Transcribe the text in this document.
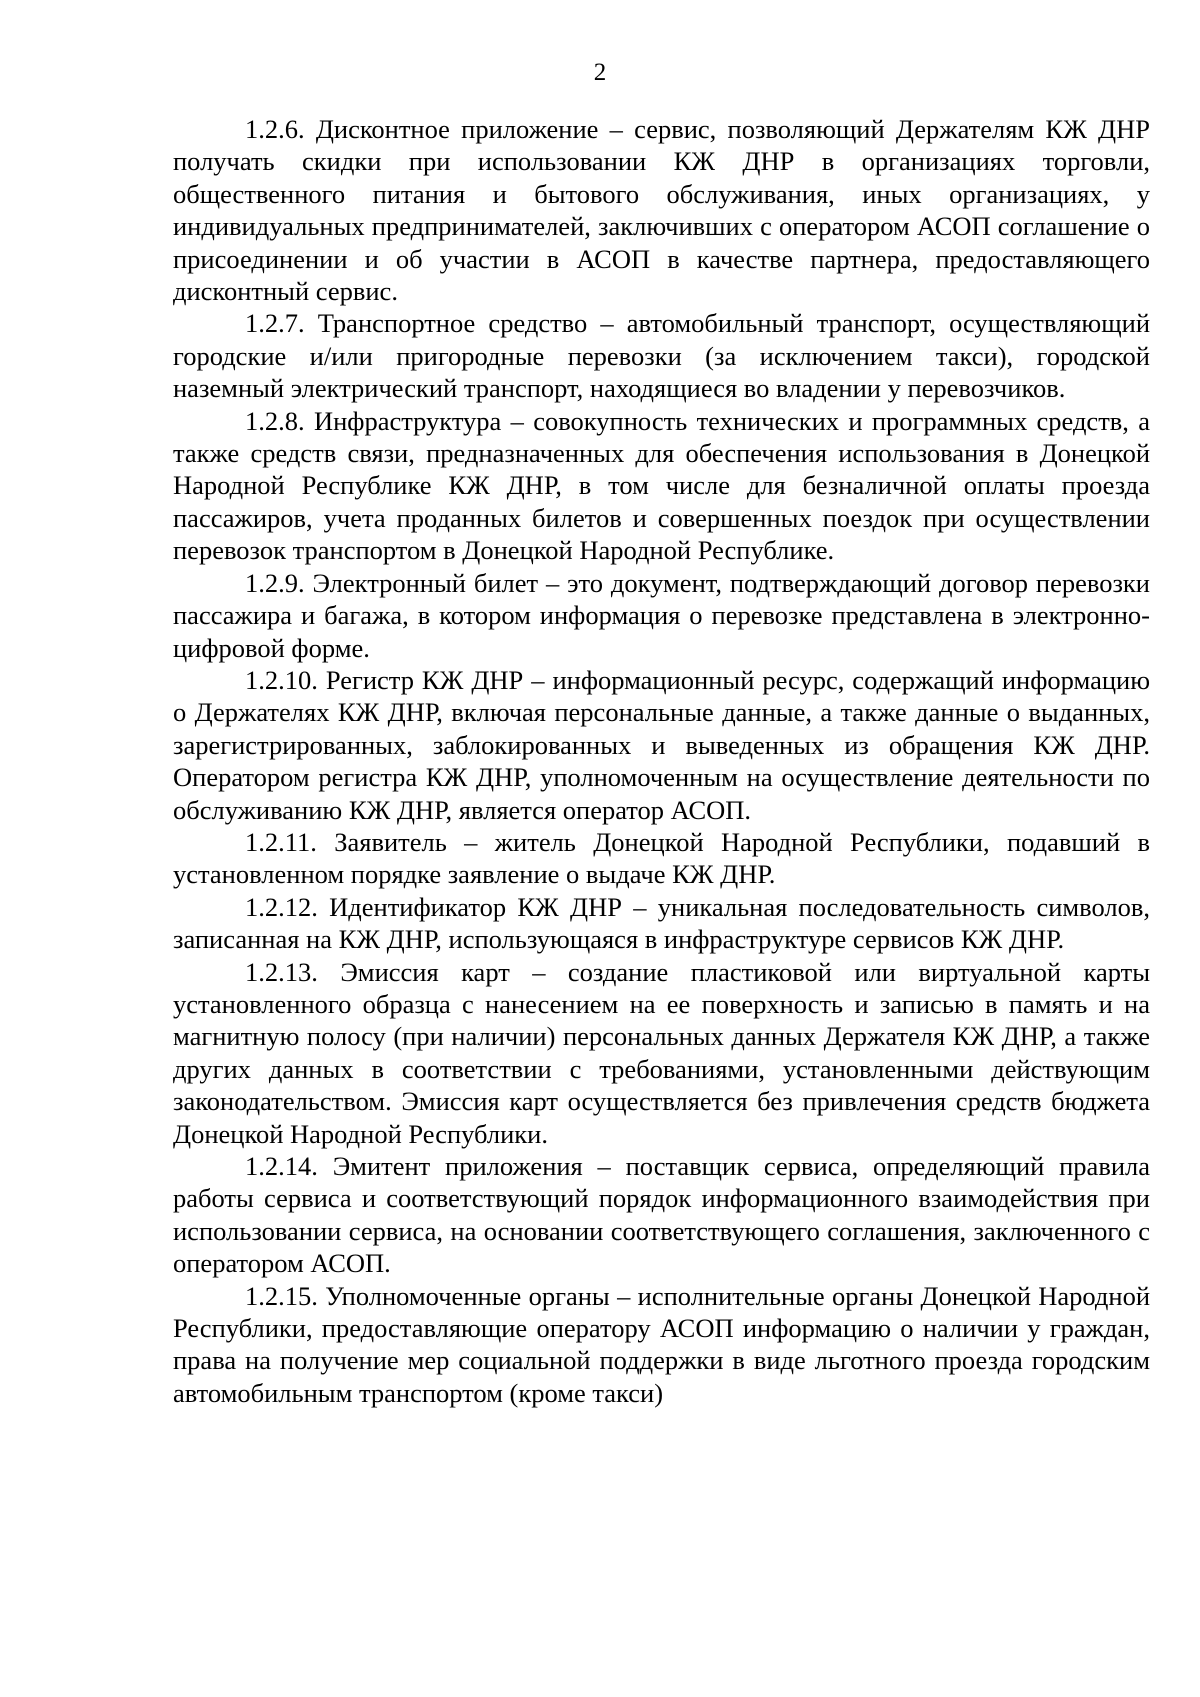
2

1.2.6. Дисконтное приложение – сервис, позволяющий Держателям КЖ ДНР получать скидки при использовании КЖ ДНР в организациях торговли, общественного питания и бытового обслуживания, иных организациях, у индивидуальных предпринимателей, заключивших с оператором АСОП соглашение о присоединении и об участии в АСОП в качестве партнера, предоставляющего дисконтный сервис.

1.2.7. Транспортное средство – автомобильный транспорт, осуществляющий городские и/или пригородные перевозки (за исключением такси), городской наземный электрический транспорт, находящиеся во владении у перевозчиков.

1.2.8. Инфраструктура – совокупность технических и программных средств, а также средств связи, предназначенных для обеспечения использования в Донецкой Народной Республике КЖ ДНР, в том числе для безналичной оплаты проезда пассажиров, учета проданных билетов и совершенных поездок при осуществлении перевозок транспортом в Донецкой Народной Республике.

1.2.9. Электронный билет – это документ, подтверждающий договор перевозки пассажира и багажа, в котором информация о перевозке представлена в электронно-цифровой форме.

1.2.10. Регистр КЖ ДНР – информационный ресурс, содержащий информацию о Держателях КЖ ДНР, включая персональные данные, а также данные о выданных, зарегистрированных, заблокированных и выведенных из обращения КЖ ДНР. Оператором регистра КЖ ДНР, уполномоченным на осуществление деятельности по обслуживанию КЖ ДНР, является оператор АСОП.

1.2.11. Заявитель – житель Донецкой Народной Республики, подавший в установленном порядке заявление о выдаче КЖ ДНР.

1.2.12. Идентификатор КЖ ДНР – уникальная последовательность символов, записанная на КЖ ДНР, использующаяся в инфраструктуре сервисов КЖ ДНР.

1.2.13. Эмиссия карт – создание пластиковой или виртуальной карты установленного образца с нанесением на ее поверхность и записью в память и на магнитную полосу (при наличии) персональных данных Держателя КЖ ДНР, а также других данных в соответствии с требованиями, установленными действующим законодательством. Эмиссия карт осуществляется без привлечения средств бюджета Донецкой Народной Республики.

1.2.14. Эмитент приложения – поставщик сервиса, определяющий правила работы сервиса и соответствующий порядок информационного взаимодействия при использовании сервиса, на основании соответствующего соглашения, заключенного с оператором АСОП.

1.2.15. Уполномоченные органы – исполнительные органы Донецкой Народной Республики, предоставляющие оператору АСОП информацию о наличии у граждан, права на получение мер социальной поддержки в виде льготного проезда городским автомобильным транспортом (кроме такси)
